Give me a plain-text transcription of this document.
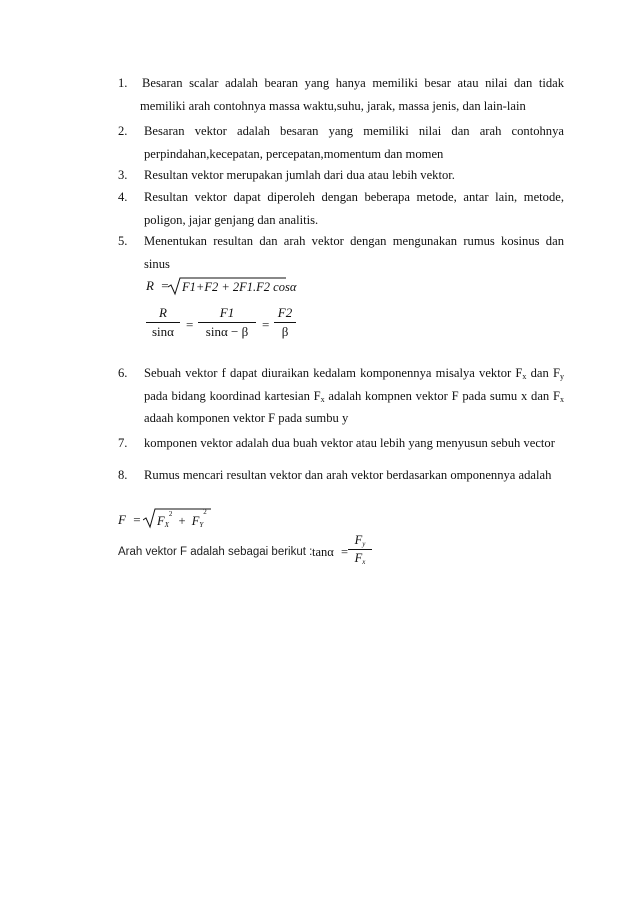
1. Besaran scalar adalah bearan yang hanya memiliki besar atau nilai dan tidak
memiliki arah contohnya massa waktu,suhu, jarak, massa jenis, dan lain-lain
2. Besaran vektor adalah besaran yang memiliki nilai dan arah contohnya
perpindahan,kecepatan, percepatan,momentum dan momen
3. Resultan vektor merupakan jumlah dari dua atau lebih vektor.
4. Resultan vektor dapat diperoleh dengan beberapa metode, antar lain, metode,
poligon, jajar genjang dan analitis.
5. Menentukan resultan dan arah vektor dengan mengunakan rumus kosinus dan
sinus
R = F1+F2 + 2F1.F2 cosα
R
sinα =
F1
sinα − β	=
F2
β
6. Sebuah vektor f dapat diuraikan kedalam komponennya misalya vektor $F_x$ dan $F_y$
pada bidang koordinad kartesian $F_x$ adalah kompnen vektor F pada sumu x dan $F_x$
adaah komponen vektor F pada sumbu y
7. komponen vektor adalah dua buah vektor atau lebih yang menyusun sebuh vector
8. Rumus mencari resultan vektor dan arah vektor berdasarkan omponennya adalah
$F = F_X^2 + F_Y^2$
Arah vektor F adalah sebagai berikut : tanα =
$F_y$
$F_x$
